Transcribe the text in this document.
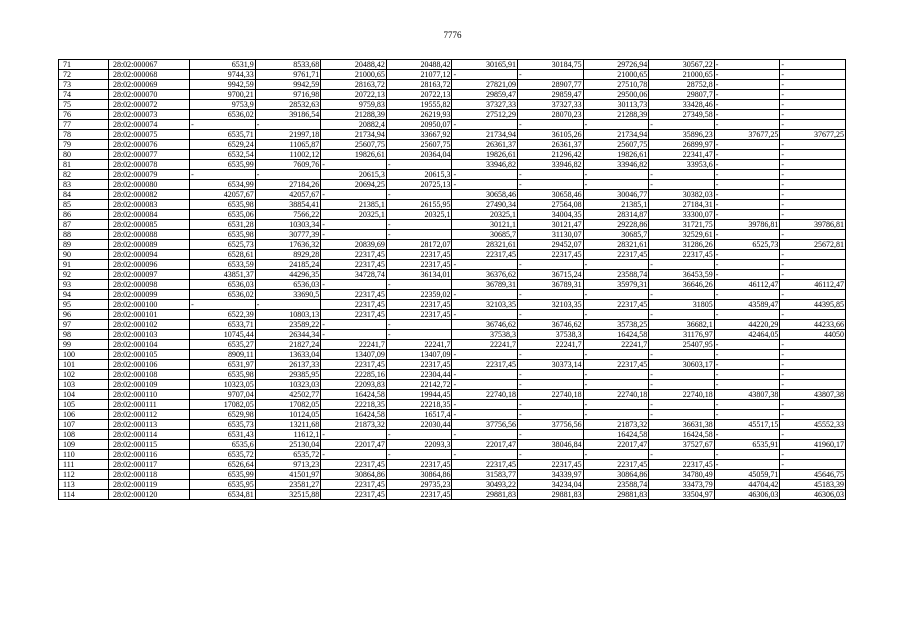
7776
71	28:02:000067	6531,9	8533,68	20488,42	20488,42	30165,91	30184,75	29726,94	30567,22	-	-
72	28:02:000068	9744,33	9761,71	21000,65	21077,12	-	-	21000,65	21000,65	-	-
73	28:02:000069	9942,59	9942,59	28163,72	28163,72	27821,09	28907,77	27510,78	28752,8	-	-
74	28:02:000070	9700,21	9716,98	20722,13	20722,13	29859,47	29859,47	29500,06	29807,7	-	-
75	28:02:000072	9753,9	28532,63	9759,83	19555,82	37327,33	37327,33	30113,73	33428,46	-	-
76	28:02:000073	6536,02	39186,54	21288,39	26219,93	27512,29	28070,23	21288,39	27349,58	-	-
77	28:02:000074	-	-	20882,4	20950,07	-	-	-	-	-	-
78	28:02:000075	6535,71	21997,18	21734,94	33667,92	21734,94	36105,26	21734,94	35896,23	37677,25	37677,25
79	28:02:000076	6529,24	11065,87	25607,75	25607,75	26361,37	26361,37	25607,75	26899,97	-	-
80	28:02:000077	6532,54	11002,12	19826,61	20364,04	19826,61	21296,42	19826,61	22341,47	-	-
81	28:02:000078	6535,99	7609,76	-	-	33946,82	33946,82	33946,82	33953,6	-	-
82	28:02:000079	-	-	20615,3	20615,3	-	-	-	-	-	-
83	28:02:000080	6534,99	27184,26	20694,25	20725,13	-	-	-	-	-	-
84	28:02:000082	42057,67	42057,67	-	-	30658,46	30658,46	30046,77	30382,03	-	-
85	28:02:000083	6535,98	38854,41	21385,1	26155,95	27490,34	27564,08	21385,1	27184,31	-	-
86	28:02:000084	6535,06	7566,22	20325,1	20325,1	20325,1	34004,35	28314,87	33300,07	-	-
87	28:02:000085	6531,28	10303,34	-	-	30121,1	30121,47	29228,86	31721,75	39786,81	39786,81
88	28:02:000088	6535,98	30777,39	-	-	30685,7	31130,07	30685,7	32529,61	-	-
89	28:02:000089	6525,73	17636,32	20839,69	28172,07	28321,61	29452,07	28321,61	31286,26	6525,73	25672,81
90	28:02:000094	6528,61	8929,28	22317,45	22317,45	22317,45	22317,45	22317,45	22317,45	-	-
91	28:02:000096	6533,59	24185,24	22317,45	22317,45	-	-	-	-	-	-
92	28:02:000097	43851,37	44296,35	34728,74	36134,01	36376,62	36715,24	23588,74	36453,59	-	-
93	28:02:000098	6536,03	6536,03	-	-	36789,31	36789,31	35979,31	36646,26	46112,47	46112,47
94	28:02:000099	6536,02	33690,5	22317,45	22359,02	-	-	-	-	-	-
95	28:02:000100	-	-	22317,45	22317,45	32103,35	32103,35	22317,45	31805	43589,47	44395,85
96	28:02:000101	6522,39	10803,13	22317,45	22317,45	-	-	-	-	-	-
97	28:02:000102	6533,71	23589,22	-	-	36746,62	36746,62	35738,25	36682,1	44220,29	44233,66
98	28:02:000103	10745,44	26344,34	-	-	37538,3	37538,3	16424,58	31176,97	42464,05	44050
99	28:02:000104	6535,27	21827,24	22241,7	22241,7	22241,7	22241,7	22241,7	25407,95	-	-
100	28:02:000105	8909,11	13633,04	13407,09	13407,09	-	-	-	-	-	-
101	28:02:000106	6531,97	26137,33	22317,45	22317,45	22317,45	30373,14	22317,45	30603,17	-	-
102	28:02:000108	6535,98	29385,95	22285,16	22304,44	-	-	-	-	-	-
103	28:02:000109	10323,05	10323,03	22093,83	22142,72	-	-	-	-	-	-
104	28:02:000110	9707,04	42502,77	16424,58	19944,45	22740,18	22740,18	22740,18	22740,18	43807,38	43807,38
105	28:02:000111	17082,05	17082,05	22218,35	22218,35	-	-	-	-	-	-
106	28:02:000112	6529,98	10124,05	16424,58	16517,4	-	-	-	-	-	-
107	28:02:000113	6535,73	13211,68	21873,32	22030,44	37756,56	37756,56	21873,32	36631,38	45517,15	45552,33
108	28:02:000114	6531,43	11612,1	-	-	-	-	16424,58	16424,58	-	-
109	28:02:000115	6535,6	25130,04	22017,47	22093,3	22017,47	38046,84	22017,47	37527,67	6535,91	41960,17
110	28:02:000116	6535,72	6535,72	-	-	-	-	-	-	-	-
111	28:02:000117	6526,64	9713,23	22317,45	22317,45	22317,45	22317,45	22317,45	22317,45	-	-
112	28:02:000118	6535,99	41501,97	30864,86	30864,86	31583,77	34339,97	30864,86	34780,49	45059,71	45646,75
113	28:02:000119	6535,95	23581,27	22317,45	29735,23	30493,22	34234,04	23588,74	33473,79	44704,42	45183,39
114	28:02:000120	6534,81	32515,88	22317,45	22317,45	29881,83	29881,83	29881,83	33504,97	46306,03	46306,03
